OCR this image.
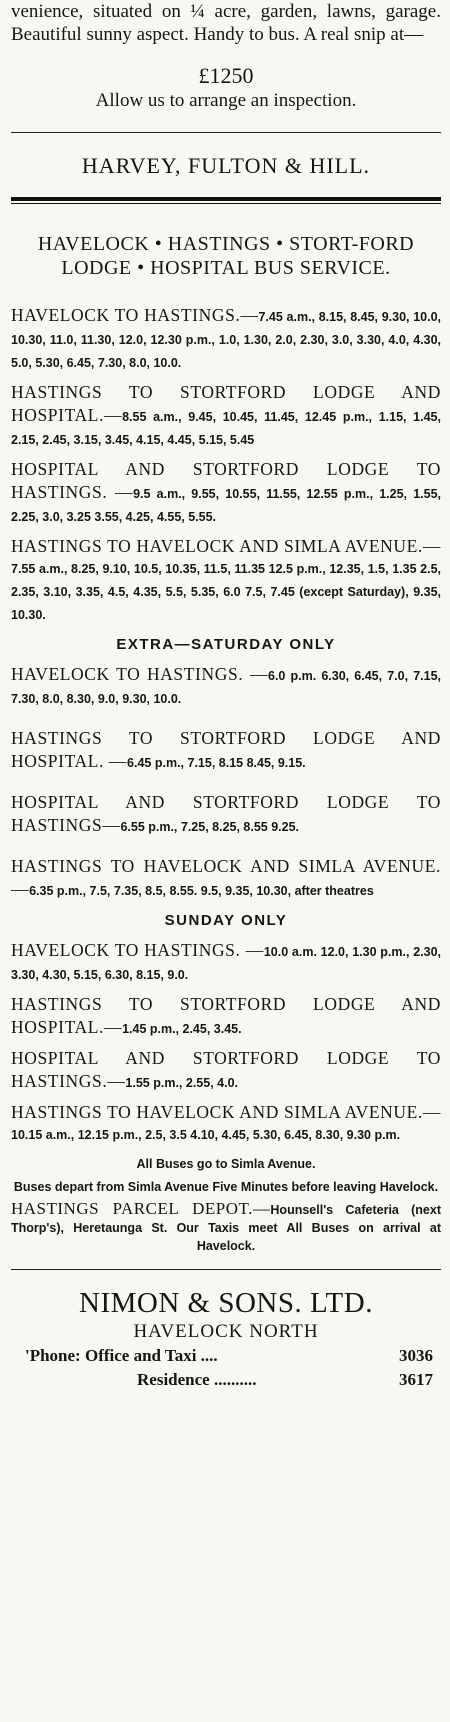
venience, situated on ¼ acre, garden, lawns, garage. Beautiful sunny aspect. Handy to bus. A real snip at—

£1250
Allow us to arrange an inspection.
HARVEY, FULTON & HILL.
HAVELOCK • HASTINGS • STORT-FORD LODGE • HOSPITAL BUS SERVICE.
HAVELOCK TO HASTINGS.—7.45 a.m., 8.15, 8.45, 9.30, 10.0, 10.30, 11.0, 11.30, 12.0, 12.30 p.m., 1.0, 1.30, 2.0, 2.30, 3.0, 3.30, 4.0, 4.30, 5.0, 5.30, 6.45, 7.30, 8.0, 10.0.
HASTINGS TO STORTFORD LODGE AND HOSPITAL.—8.55 a.m., 9.45, 10.45, 11.45, 12.45 p.m., 1.15, 1.45, 2.15, 2.45, 3.15, 3.45, 4.15, 4.45, 5.15, 5.45
HOSPITAL AND STORTFORD LODGE TO HASTINGS. —9.5 a.m., 9.55, 10.55, 11.55, 12.55 p.m., 1.25, 1.55, 2.25, 3.0, 3.25 3.55, 4.25, 4.55, 5.55.
HASTINGS TO HAVELOCK AND SIMLA AVENUE.—7.55 a.m., 8.25, 9.10, 10.5, 10.35, 11.5, 11.35 12.5 p.m., 12.35, 1.5, 1.35 2.5, 2.35, 3.10, 3.35, 4.5, 4.35, 5.5, 5.35, 6.0 7.5, 7.45 (except Saturday), 9.35, 10.30.
EXTRA—SATURDAY ONLY
HAVELOCK TO HASTINGS. —6.0 p.m. 6.30, 6.45, 7.0, 7.15, 7.30, 8.0, 8.30, 9.0, 9.30, 10.0.
HASTINGS TO STORTFORD LODGE AND HOSPITAL. —6.45 p.m., 7.15, 8.15 8.45, 9.15.
HOSPITAL AND STORTFORD LODGE TO HASTINGS—6.55 p.m., 7.25, 8.25, 8.55 9.25.
HASTINGS TO HAVELOCK AND SIMLA AVENUE. —6.35 p.m., 7.5, 7.35, 8.5, 8.55. 9.5, 9.35, 10.30, after theatres
SUNDAY ONLY
HAVELOCK TO HASTINGS. —10.0 a.m. 12.0, 1.30 p.m., 2.30, 3.30, 4.30, 5.15, 6.30, 8.15, 9.0.
HASTINGS TO STORTFORD LODGE AND HOSPITAL.—1.45 p.m., 2.45, 3.45.
HOSPITAL AND STORTFORD LODGE TO HASTINGS.—1.55 p.m., 2.55, 4.0.
HASTINGS TO HAVELOCK AND SIMLA AVENUE.—10.15 a.m., 12.15 p.m., 2.5, 3.5 4.10, 4.45, 5.30, 6.45, 8.30, 9.30 p.m.
All Buses go to Simla Avenue.
Buses depart from Simla Avenue Five Minutes before leaving Havelock.
HASTINGS PARCEL DEPOT.—Hounsell's Cafeteria (next Thorp's), Heretaunga St. Our Taxis meet All Buses on arrival at Havelock.
NIMON & SONS. LTD.
HAVELOCK NORTH
'Phone: Office and Taxi ....	3036
Residence ..........	3617
